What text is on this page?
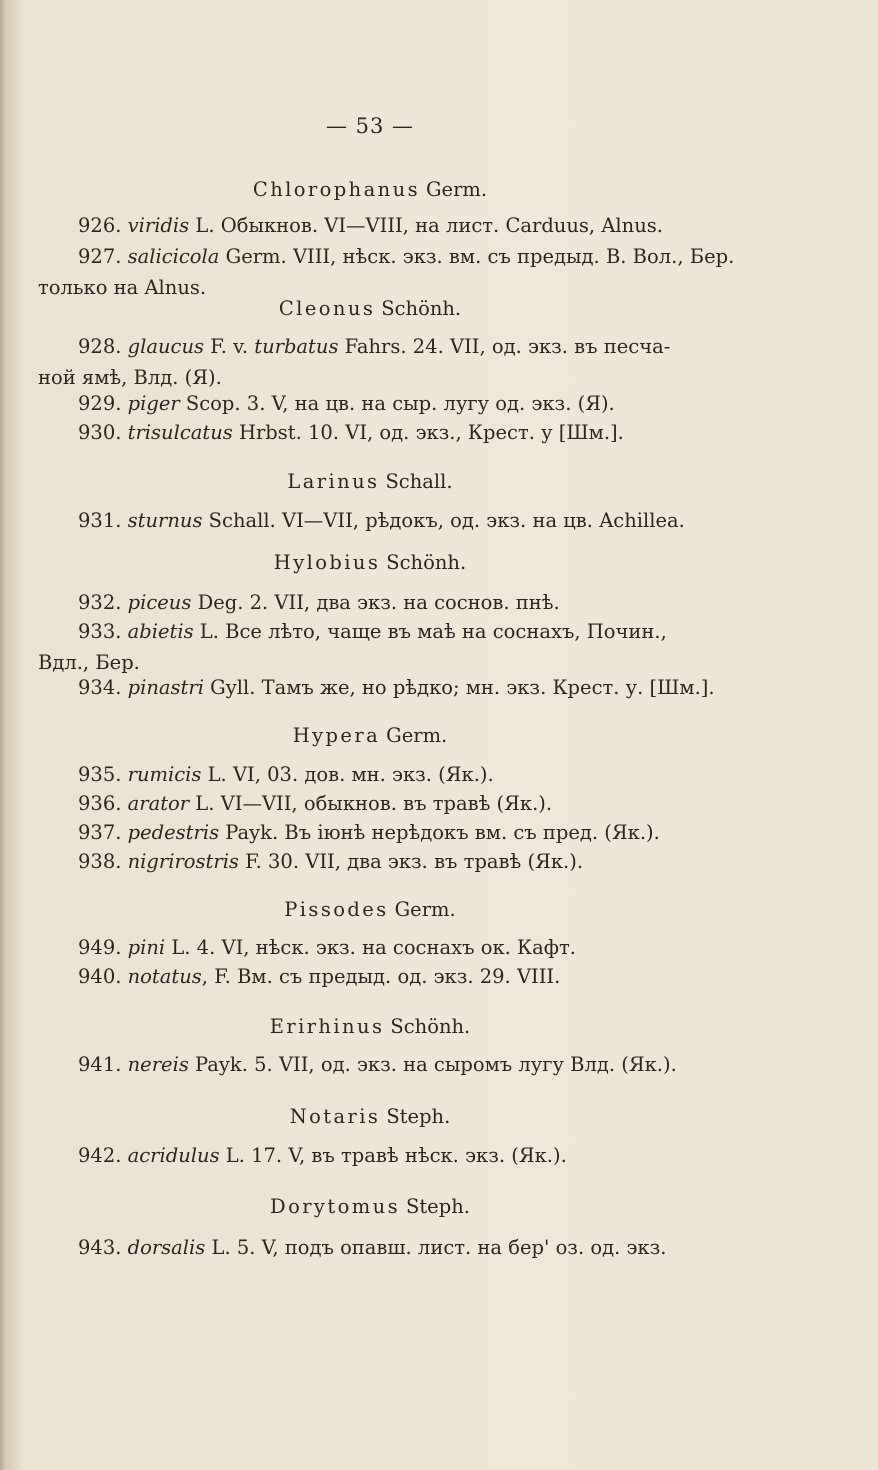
— 53 —
Chlorophanus Germ.
926. viridis L. Обыкнов. VI—VIII, на лист. Carduus, Alnus.
927. salicicola Germ. VIII, нѣск. экз. вм. съ предыд. В. Вол., Бер.
только на Alnus.
Cleonus Schönh.
928. glaucus F. v. turbatus Fahrs. 24. VII, од. экз. въ песча-
ной ямѣ, Влд. (Я).
929. piger Scop. 3. V, на цв. на сыр. лугу од. экз. (Я).
930. trisulcatus Hrbst. 10. VI, од. экз., Крест. у [Шм.].
Larinus Schall.
931. sturnus Schall. VI—VII, рѣдокъ, од. экз. на цв. Achillea.
Hylobius Schönh.
932. piceus Deg. 2. VII, два экз. на соснов. пнѣ.
933. abietis L. Все лѣто, чаще въ маѣ на соснахъ, Почин.,
Вдл., Бер.
934. pinastri Gyll. Тамъ же, но рѣдко; мн. экз. Крест. у. [Шм.].
Hypera Germ.
935. rumicis L. VI, 03. дов. мн. экз. (Як.).
936. arator L. VI—VII, обыкнов. въ травѣ (Як.).
937. pedestris Payk. Въ іюнѣ нерѣдокъ вм. съ пред. (Як.).
938. nigrirostris F. 30. VII, два экз. въ травѣ (Як.).
Pissodes Germ.
949. pini L. 4. VI, нѣск. экз. на соснахъ ок. Кафт.
940. notatus, F. Вм. съ предыд. од. экз. 29. VIII.
Erirhinus Schönh.
941. nereis Payk. 5. VII, од. экз. на сыромъ лугу Влд. (Як.).
Notaris Steph.
942. acridulus L. 17. V, въ травѣ нѣск. экз. (Як.).
Dorytomus Steph.
943. dorsalis L. 5. V, подъ опавш. лист. на бер' оз. од. экз.
